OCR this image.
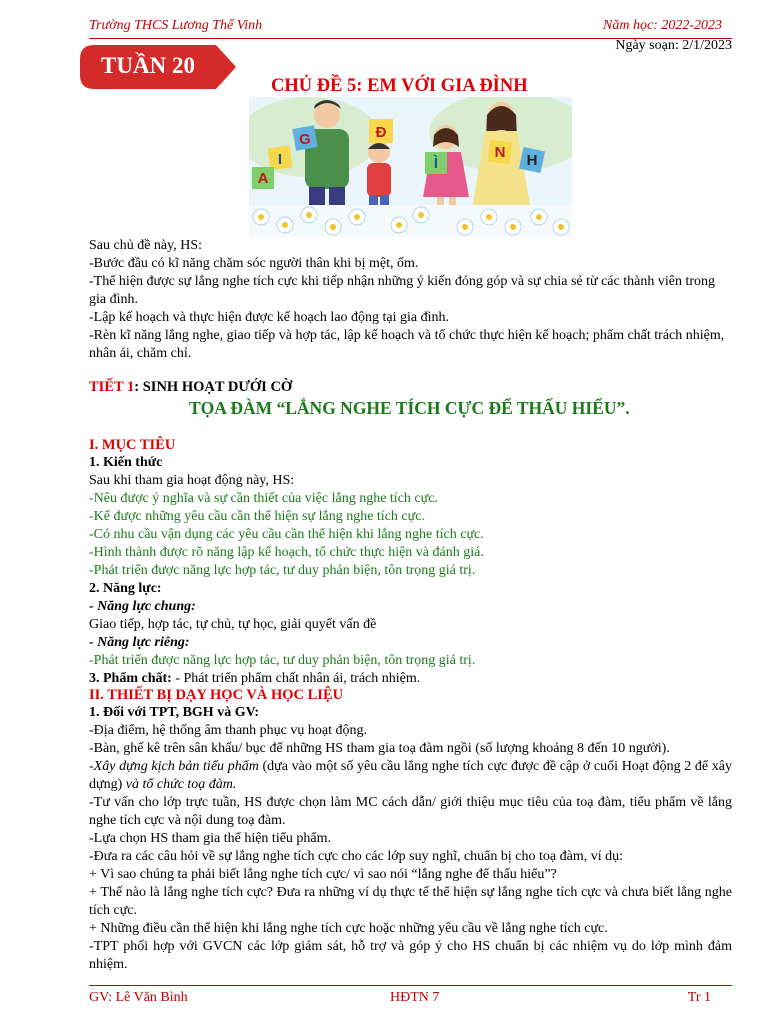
Trường THCS Lương Thế Vinh	Năm học: 2022-2023
Ngày soạn: 2/1/2023
TUẦN 20
CHỦ ĐỀ 5: EM VỚI GIA ĐÌNH
G
I
A
Đ
Ì
N H

Sau chủ đề này, HS:

-Bước đầu có kĩ năng chăm sóc người thân khi bị mệt, ốm.

-Thể hiện được sự lắng nghe tích cực khi tiếp nhận những ý kiến đóng góp và sự chia sẻ từ các thành viên trong gia đình.

-Lập kế hoạch và thực hiện được kế hoạch lao động tại gia đình.

-Rèn kĩ năng lắng nghe, giao tiếp và hợp tác, lập kế hoạch và tổ chức thực hiện kế hoạch; phẩm chất trách nhiệm, nhân ái, chăm chỉ.

TIẾT 1: SINH HOẠT DƯỚI CỜ
TỌA ĐÀM “LẮNG NGHE TÍCH CỰC ĐỂ THẤU HIỂU”.

I. MỤC TIÊU

1. Kiến thức

Sau khi tham gia hoạt động này, HS:

-Nêu được ý nghĩa và sự cần thiết của việc lắng nghe tích cực.

-Kể được những yêu cầu cần thể hiện sự lắng nghe tích cực.

-Có nhu cầu vận dụng các yêu cầu cần thể hiện khi lắng nghe tích cực.

-Hình thành được rõ năng lập kế hoạch, tổ chức thực hiện và đánh giá.

-Phát triển được năng lực hợp tác, tư duy phản biện, tôn trọng giá trị.

2. Năng lực:

- Năng lực chung:

Giao tiếp, hợp tác, tự chủ, tự học, giải quyết vấn đề

- Năng lực riêng:

-Phát triển được năng lực hợp tác, tư duy phản biện, tôn trọng giá trị.

3. Phẩm chất: - Phát triển phẩm chất nhân ái, trách nhiệm.

II. THIẾT BỊ DẠY HỌC VÀ HỌC LIỆU

1. Đối với TPT, BGH và GV:

-Địa điểm, hệ thống âm thanh phục vụ hoạt động.

-Bàn, ghế kê trên sân khấu/ bục để những HS tham gia toạ đàm ngồi (số lượng khoảng 8 đến 10 người).

-Xây dựng kịch bản tiểu phẩm (dựa vào một số yêu cầu lắng nghe tích cực được đề cập ở cuối Hoạt động 2 để xây dựng) và tổ chức toạ đàm.

-Tư vấn cho lớp trực tuần, HS được chọn làm MC cách dẫn/ giới thiệu mục tiêu của toạ đàm, tiểu phẩm về lắng nghe tích cực và nội dung toạ đàm.

-Lựa chọn HS tham gia thể hiện tiểu phẩm.

-Đưa ra các câu hỏi về sự lắng nghe tích cực cho các lớp suy nghĩ, chuẩn bị cho toạ đàm, ví dụ:

+ Vì sao chúng ta phải biết lắng nghe tích cực/ vì sao nói “lắng nghe để thấu hiểu”?

+ Thế nào là lắng nghe tích cực? Đưa ra những ví dụ thực tế thể hiện sự lắng nghe tích cực và chưa biết lắng nghe tích cực.

+ Những điều cần thể hiện khi lắng nghe tích cực hoặc những yêu cầu về lắng nghe tích cực.

-TPT phối hợp với GVCN các lớp giám sát, hỗ trợ và góp ý cho HS chuẩn bị các nhiệm vụ do lớp mình đảm nhiệm.

GV: Lê Văn Bình	HĐTN 7	Tr 1
